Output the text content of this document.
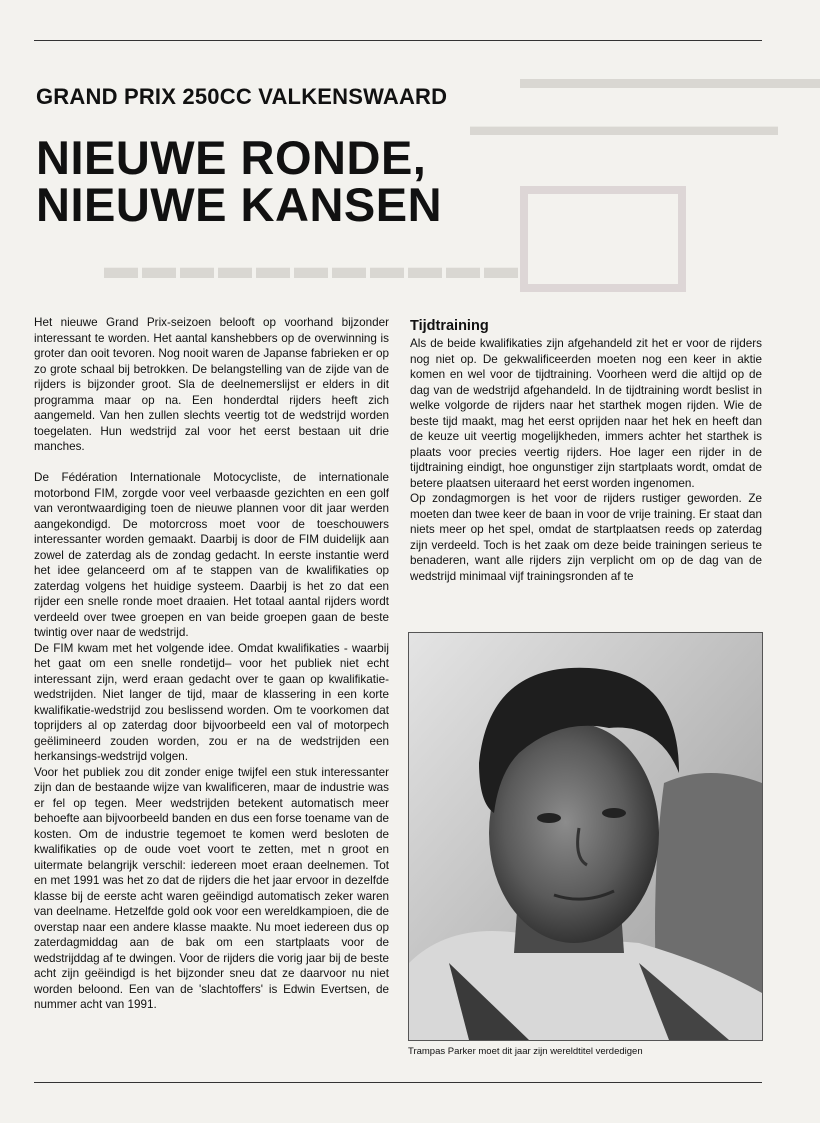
▬▬▬▬▬▬▬▬▬▬
▬▬▬▬▬▬▬▬▬▬▬
▬▬▬▬▬▬▬▬▬▬▬
GRAND PRIX 250CC VALKENSWAARD
NIEUWE RONDE,
NIEUWE KANSEN

Het nieuwe Grand Prix-seizoen belooft op voorhand bijzonder interessant te worden. Het aantal kanshebbers op de overwinning is groter dan ooit tevoren. Nog nooit waren de Japanse fabrieken er op zo grote schaal bij betrokken. De belangstelling van de zijde van de rijders is bijzonder groot. Sla de deelnemerslijst er elders in dit programma maar op na. Een honderdtal rijders heeft zich aangemeld. Van hen zullen slechts veertig tot de wedstrijd worden toegelaten. Hun wedstrijd zal voor het eerst bestaan uit drie manches.

De Fédération Internationale Motocycliste, de internationale motorbond FIM, zorgde voor veel verbaasde gezichten en een golf van verontwaardiging toen de nieuwe plannen voor dit jaar werden aangekondigd. De motorcross moet voor de toeschouwers interessanter worden gemaakt. Daarbij is door de FIM duidelijk aan zowel de zaterdag als de zondag gedacht. In eerste instantie werd het idee gelanceerd om af te stappen van de kwalifikaties op zaterdag volgens het huidige systeem. Daarbij is het zo dat een rijder een snelle ronde moet draaien. Het totaal aantal rijders wordt verdeeld over twee groepen en van beide groepen gaan de beste twintig over naar de wedstrijd.

De FIM kwam met het volgende idee. Omdat kwalifikaties - waarbij het gaat om een snelle rondetijd– voor het publiek niet echt interessant zijn, werd eraan gedacht over te gaan op kwalifikatie-wedstrijden. Niet langer de tijd, maar de klassering in een korte kwalifikatie-wedstrijd zou beslissend worden. Om te voorkomen dat toprijders al op zaterdag door bijvoorbeeld een val of motorpech geëlimineerd zouden worden, zou er na de wedstrijden een herkansings-wedstrijd volgen.

Voor het publiek zou dit zonder enige twijfel een stuk interessanter zijn dan de bestaande wijze van kwalificeren, maar de industrie was er fel op tegen. Meer wedstrijden betekent automatisch meer behoefte aan bijvoorbeeld banden en dus een forse toename van de kosten. Om de industrie tegemoet te komen werd besloten de kwalifikaties op de oude voet voort te zetten, met n groot en uitermate belangrijk verschil: iedereen moet eraan deelnemen. Tot en met 1991 was het zo dat de rijders die het jaar ervoor in dezelfde klasse bij de eerste acht waren geëindigd automatisch zeker waren van deelname. Hetzelfde gold ook voor een wereldkampioen, die de overstap naar een andere klasse maakte. Nu moet iedereen dus op zaterdagmiddag aan de bak om een startplaats voor de wedstrijddag af te dwingen. Voor de rijders die vorig jaar bij de beste acht zijn geëindigd is het bijzonder sneu dat ze daarvoor nu niet worden beloond. Een van de 'slachtoffers' is Edwin Evertsen, de nummer acht van 1991.

Tijdtraining

Als de beide kwalifikaties zijn afgehandeld zit het er voor de rijders nog niet op. De gekwalificeerden moeten nog een keer in aktie komen en wel voor de tijdtraining. Voorheen werd die altijd op de dag van de wedstrijd afgehandeld. In de tijdtraining wordt beslist in welke volgorde de rijders naar het starthek mogen rijden. Wie de beste tijd maakt, mag het eerst oprijden naar het hek en heeft dan de keuze uit veertig mogelijkheden, immers achter het starthek is plaats voor precies veertig rijders. Hoe lager een rijder in de tijdtraining eindigt, hoe ongunstiger zijn startplaats wordt, omdat de betere plaatsen uiteraard het eerst worden ingenomen.

Op zondagmorgen is het voor de rijders rustiger geworden. Ze moeten dan twee keer de baan in voor de vrije training. Er staat dan niets meer op het spel, omdat de startplaatsen reeds op zaterdag zijn verdeeld. Toch is het zaak om deze beide trainingen serieus te benaderen, want alle rijders zijn verplicht om op de dag van de wedstrijd minimaal vijf trainingsronden af te

Trampas Parker moet dit jaar zijn wereldtitel verdedigen
